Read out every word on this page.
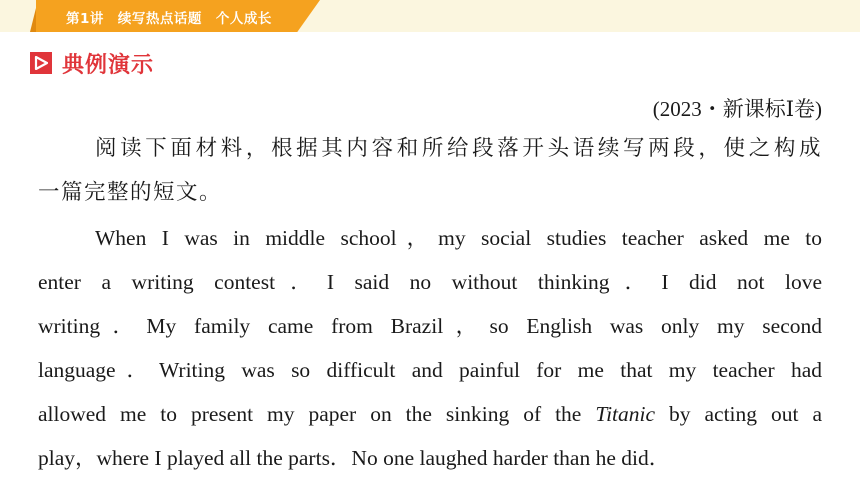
第1讲　续写热点话题　个人成长
典例演示
(2023・新课标Ⅰ卷)
阅读下面材料，根据其内容和所给段落开头语续写两段，使之构成
一篇完整的短文。
When I was in middle school，my social studies teacher asked me to
enter a writing contest．I said no without thinking．I did not love
writing．My family came from Brazil，so English was only my second
language．Writing was so difficult and painful for me that my teacher had
allowed me to present my paper on the sinking of the Titanic by acting out a
play，where I played all the parts．No one laughed harder than he did．
